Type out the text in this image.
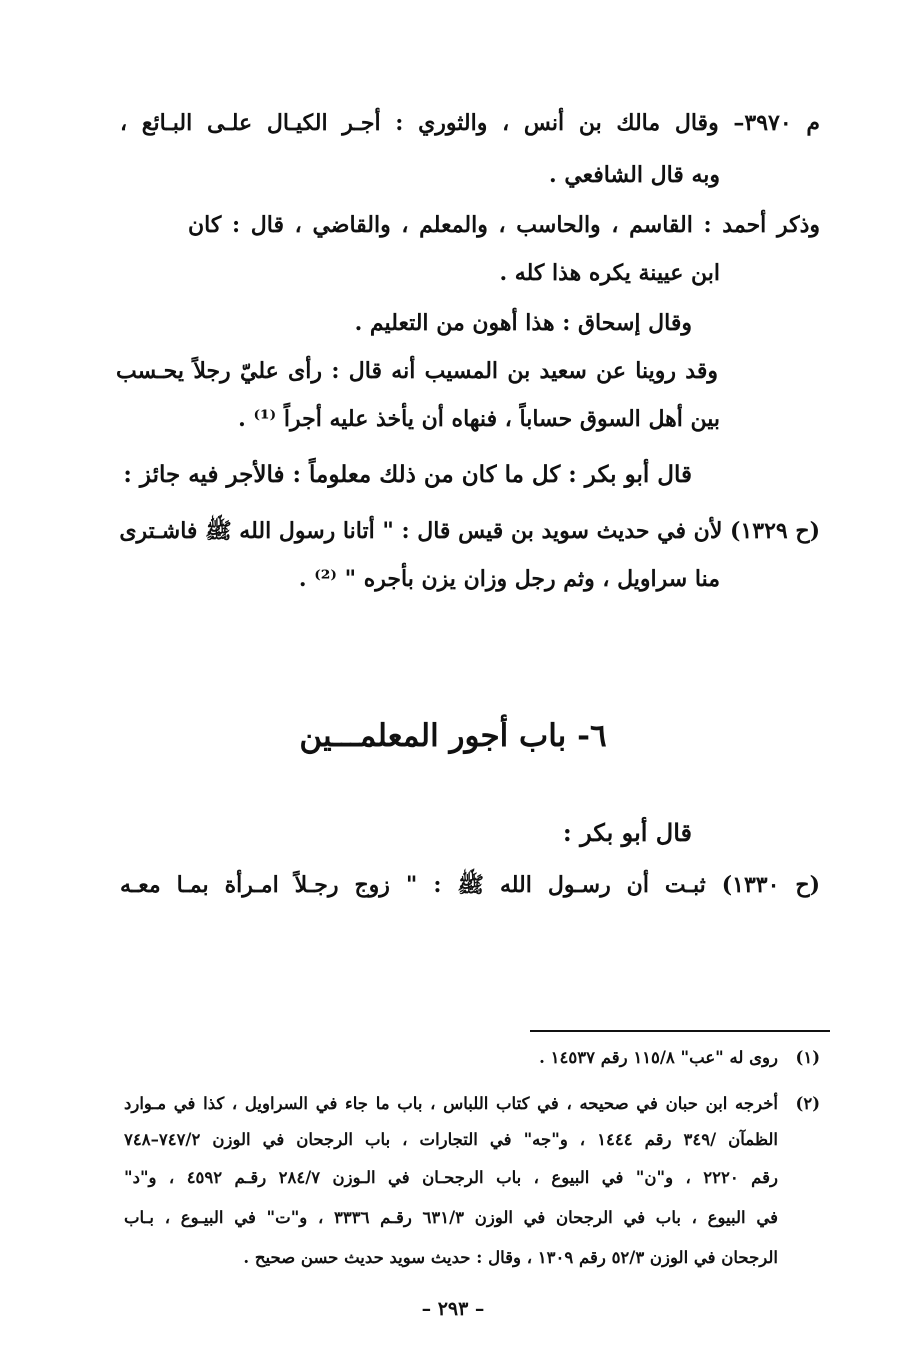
م ٣٩٧٠– وقال مالك بن أنس ، والثوري : أجـر الكيـال علـى البـائع ،
وبه قال الشافعي .
وذكر أحمد : القاسم ، والحاسب ، والمعلم ، والقاضي ، قال : كان
ابن عيينة يكره هذا كله .
وقال إسحاق : هذا أهون من التعليم .
وقد روينا عن سعيد بن المسيب أنه قال : رأى عليّ رجلاً يحـسب
بين أهل السوق حساباً ، فنهاه أن يأخذ عليه أجراً ⁽¹⁾ .
قال أبو بكر : كل ما كان من ذلك معلوماً : فالأجر فيه جائز :
(ح ١٣٢٩) لأن في حديث سويد بن قيس قال : " أتانا رسول الله ﷺ فاشـترى
منا سراويل ، وثم رجل وزان يزن بأجره " ⁽²⁾ .
٦- باب أجور المعلمـــين
قال أبو بكر :
(ح ١٣٣٠) ثبـت أن رسـول الله ﷺ : " زوج رجـلاً امـرأة بمـا معـه
(١)
روى له "عب" ١١٥/٨ رقم ١٤٥٣٧ .
(٢)
أخرجه ابن حبان في صحيحه ، في كتاب اللباس ، باب ما جاء في السراويل ، كذا في مـوارد
الظمآن /٣٤٩ رقم ١٤٤٤ ، و"جه" في التجارات ، باب الرجحان في الوزن ٧٤٧/٢–٧٤٨
رقم ٢٢٢٠ ، و"ن" في البيوع ، باب الرجحـان في الـوزن ٢٨٤/٧ رقـم ٤٥٩٢ ، و"د"
في البيوع ، باب في الرجحان في الوزن ٦٣١/٣ رقـم ٣٣٣٦ ، و"ت" في البيـوع ، بـاب
الرجحان في الوزن ٥٢/٣ رقم ١٣٠٩ ، وقال : حديث سويد حديث حسن صحيح .
– ٢٩٣ –
